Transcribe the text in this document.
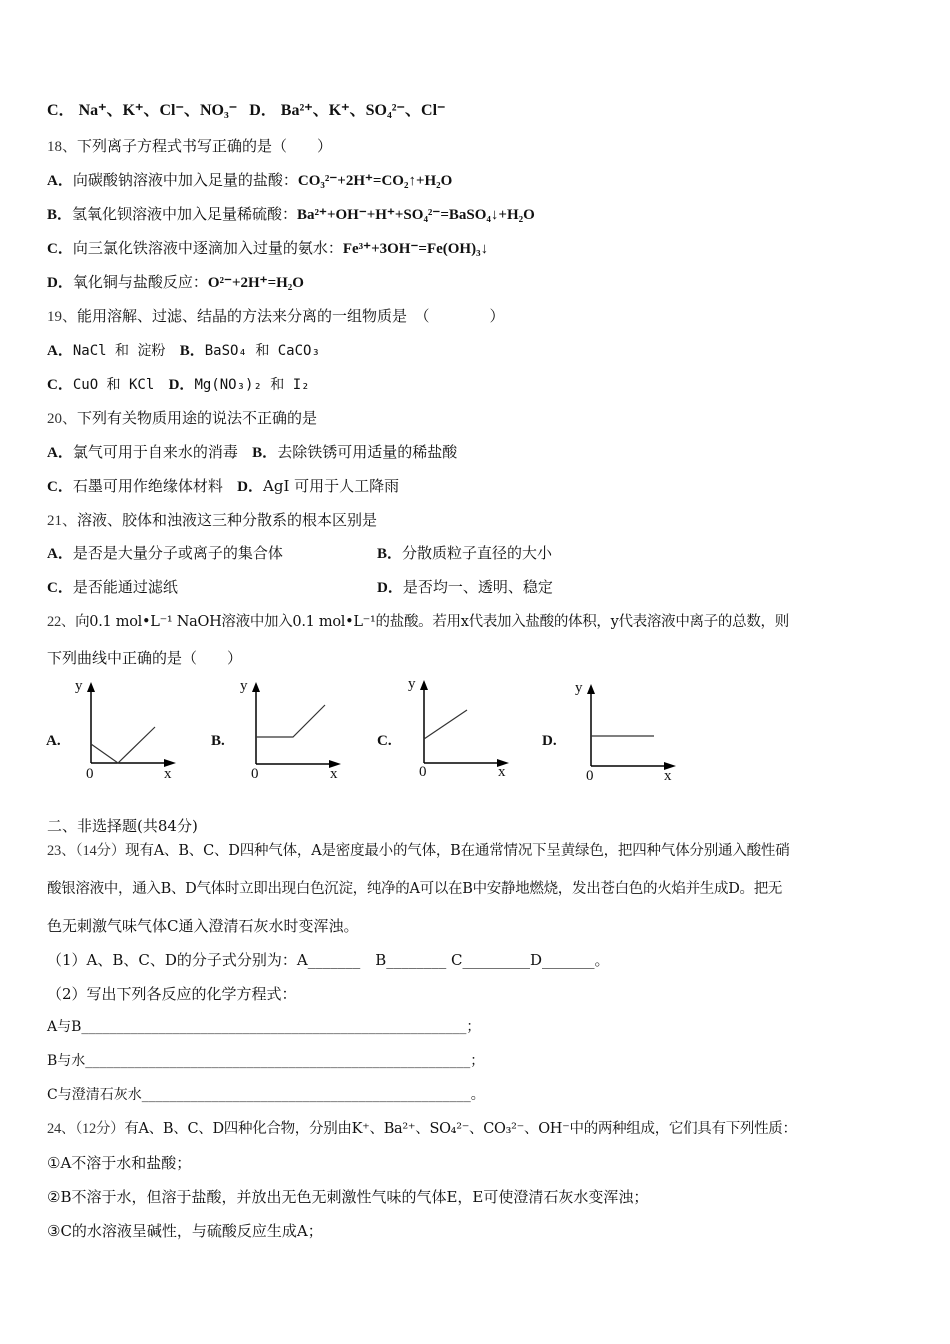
C． Na⁺、K⁺、Cl⁻、NO₃⁻ D． Ba²⁺、K⁺、SO₄²⁻、Cl⁻
18、下列离子方程式书写正确的是（　　）
A．向碳酸钠溶液中加入足量的盐酸：CO₃²⁻+2H⁺=CO₂↑+H₂O
B．氢氧化钡溶液中加入足量稀硫酸：Ba²⁺+OH⁻+H⁺+SO₄²⁻=BaSO₄↓+H₂O
C．向三氯化铁溶液中逐滴加入过量的氨水：Fe³⁺+3OH⁻=Fe(OH)₃↓
D．氧化铜与盐酸反应：O²⁻+2H⁺=H₂O
19、能用溶解、过滤、结晶的方法来分离的一组物质是　（　　　　）
A．NaCl 和 淀粉 B．BaSO₄ 和 CaCO₃
C．CuO 和 KCl D．Mg(NO₃)₂ 和 I₂
20、下列有关物质用途的说法不正确的是
A．氯气可用于自来水的消毒 B．去除铁锈可用适量的稀盐酸
C．石墨可用作绝缘体材料 D．AgI 可用于人工降雨
21、溶液、胶体和浊液这三种分散系的根本区别是
A．是否是大量分子或离子的集合体	B．分散质粒子直径的大小
C．是否能通过滤纸	D．是否均一、透明、稳定
22、向0.1 mol•L⁻¹ NaOH溶液中加入0.1 mol•L⁻¹的盐酸。若用x代表加入盐酸的体积，y代表溶液中离子的总数，则
下列曲线中正确的是（　　）
A.
y
0	x
B.
y
0	x
C.
y
0	x
D.
y
0	x
二、非选择题(共84分)
23、（14分）现有A、B、C、D四种气体，A是密度最小的气体，B在通常情况下呈黄绿色，把四种气体分别通入酸性硝
酸银溶液中，通入B、D气体时立即出现白色沉淀，纯净的A可以在B中安静地燃烧，发出苍白色的火焰并生成D。把无
色无刺激气味气体C通入澄清石灰水时变浑浊。
（1）A、B、C、D的分子式分别为：A_______　B________ C_________D_______。
（2）写出下列各反应的化学方程式：
A与B_______________________________________________________；
B与水_______________________________________________________；
C与澄清石灰水_______________________________________________。
24、（12分）有A、B、C、D四种化合物，分别由K⁺、Ba²⁺、SO₄²⁻、CO₃²⁻、OH⁻中的两种组成，它们具有下列性质：
①A不溶于水和盐酸；
②B不溶于水，但溶于盐酸，并放出无色无刺激性气味的气体E，E可使澄清石灰水变浑浊；
③C的水溶液呈碱性，与硫酸反应生成A；
